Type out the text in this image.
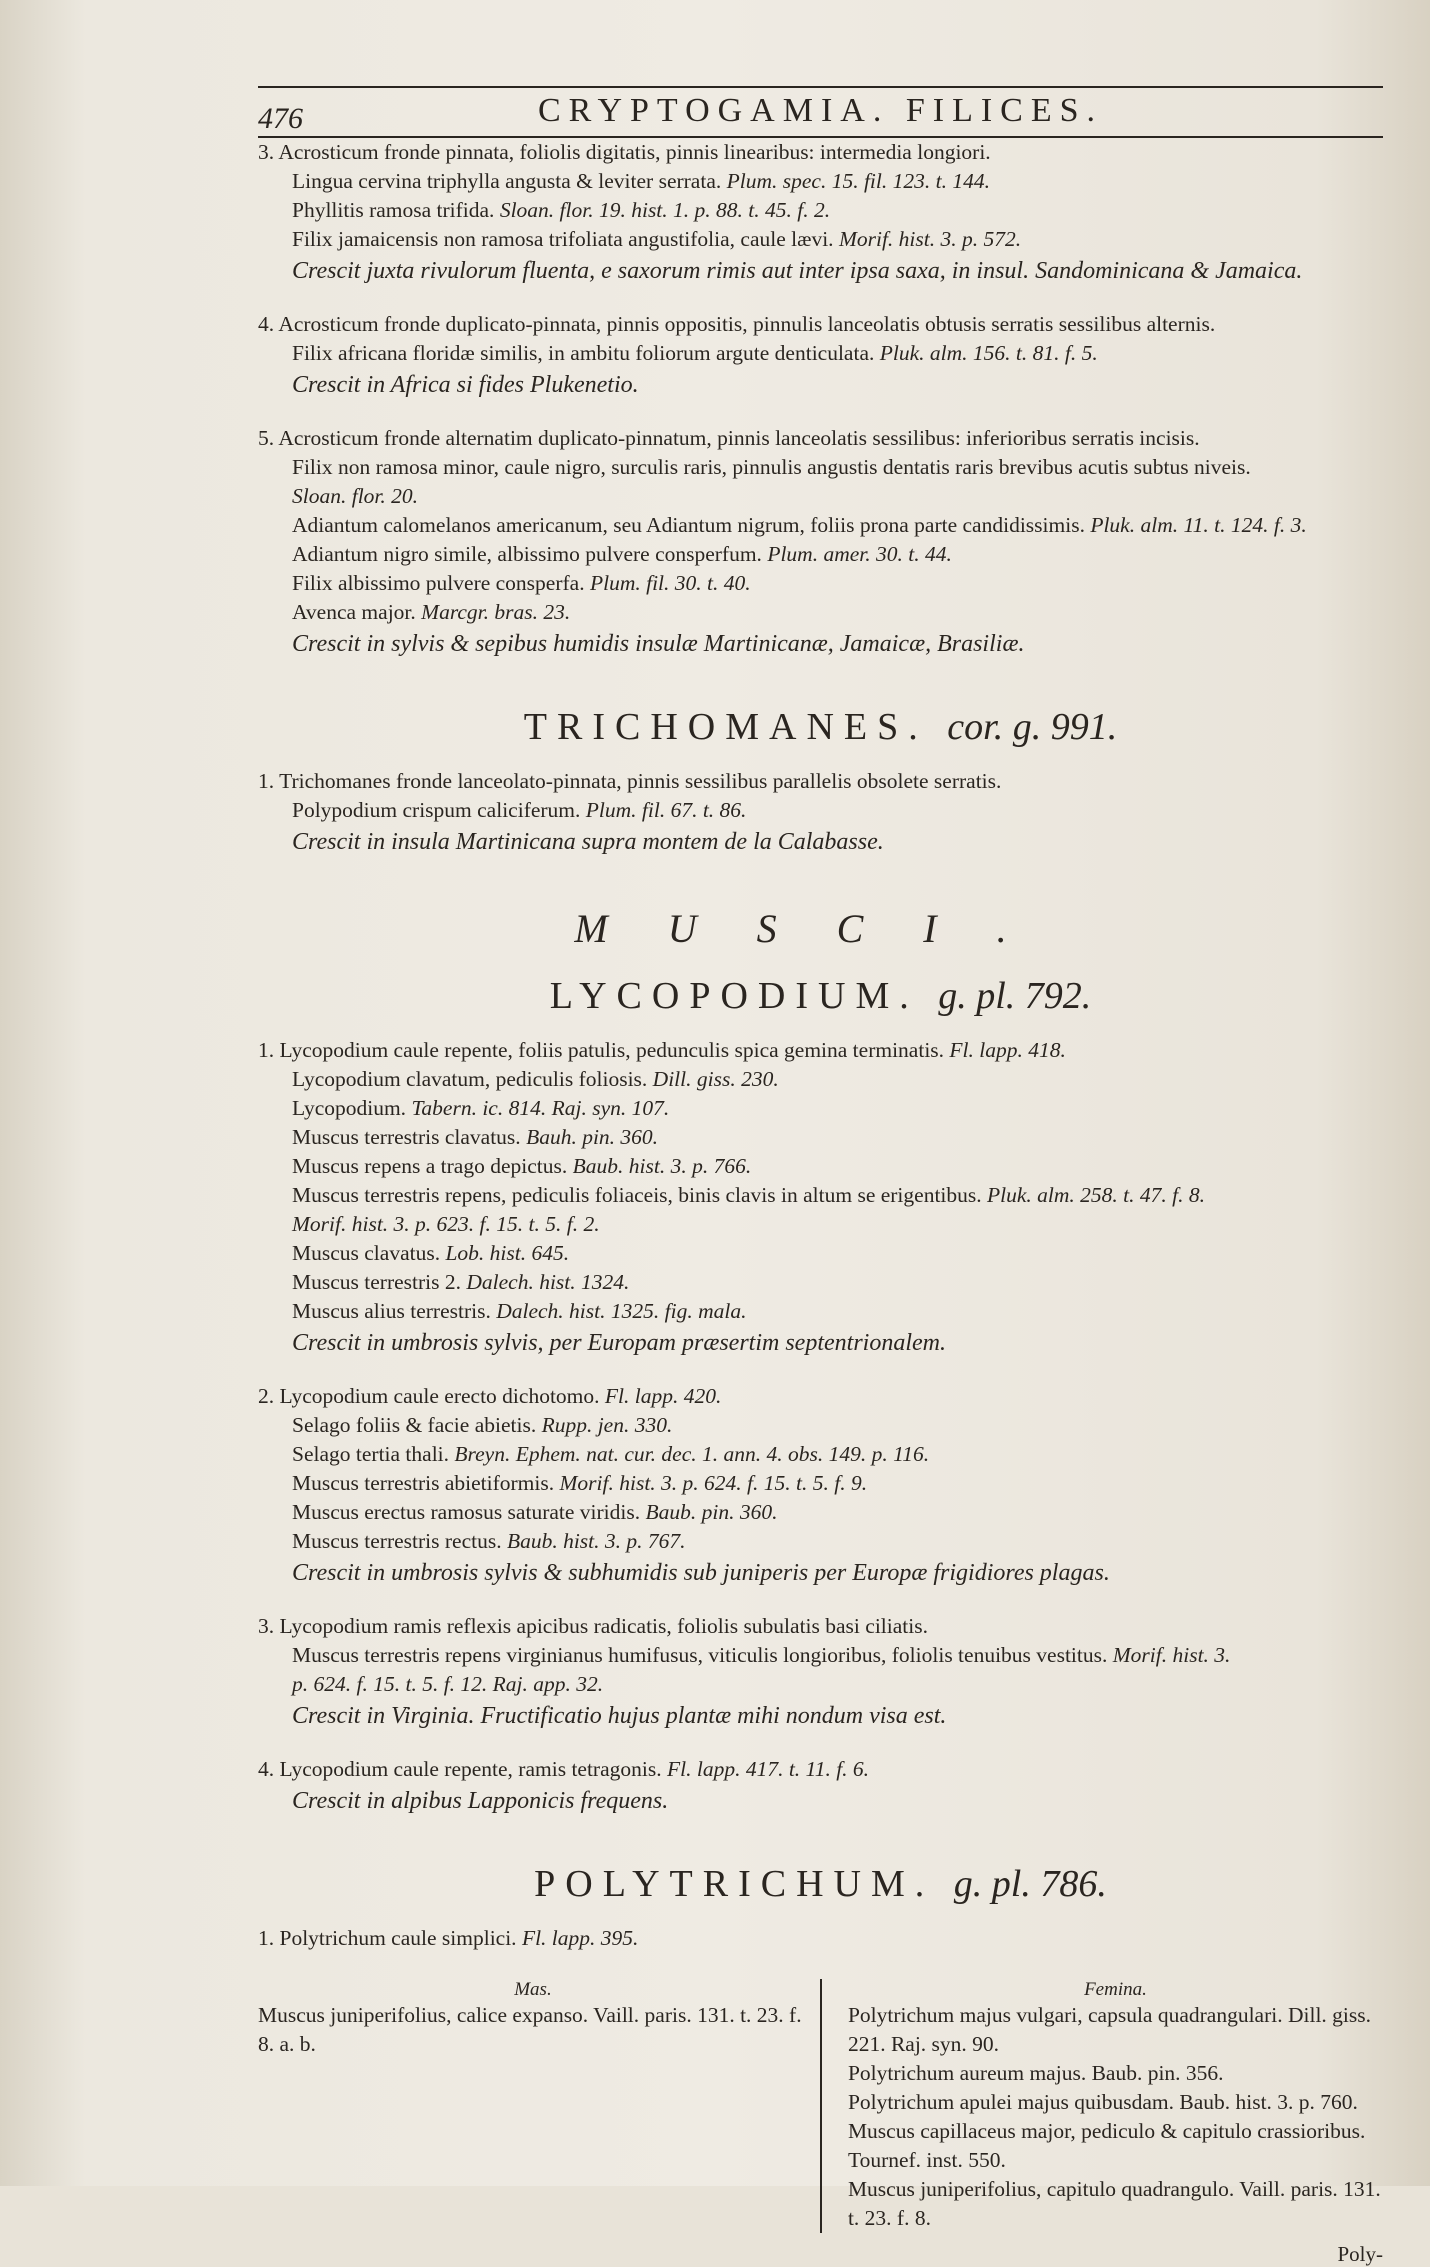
476	CRYPTOGAMIA. FILICES.
3. Acrosticum fronde pinnata, foliolis digitatis, pinnis linearibus: intermedia longiori.
Lingua cervina triphylla angusta & leviter serrata. Plum. spec. 15. fil. 123. t. 144.
Phyllitis ramosa trifida. Sloan. flor. 19. hist. 1. p. 88. t. 45. f. 2.
Filix jamaicensis non ramosa trifoliata angustifolia, caule lævi. Morif. hist. 3. p. 572.
Crescit juxta rivulorum fluenta, e saxorum rimis aut inter ipsa saxa, in insul. Sandominicana & Jamaica.
4. Acrosticum fronde duplicato-pinnata, pinnis oppositis, pinnulis lanceolatis obtusis serratis sessilibus alternis.
Filix africana floridæ similis, in ambitu foliorum argute denticulata. Pluk. alm. 156. t. 81. f. 5.
Crescit in Africa si fides Plukenetio.
5. Acrosticum fronde alternatim duplicato-pinnatum, pinnis lanceolatis sessilibus: inferioribus serratis incisis.
Filix non ramosa minor, caule nigro, surculis raris, pinnulis angustis dentatis raris brevibus acutis subtus niveis.
Sloan. flor. 20.
Adiantum calomelanos americanum, seu Adiantum nigrum, foliis prona parte candidissimis. Pluk. alm. 11. t. 124. f. 3.
Adiantum nigro simile, albissimo pulvere consperfum. Plum. amer. 30. t. 44.
Filix albissimo pulvere consperfa. Plum. fil. 30. t. 40.
Avenca major. Marcgr. bras. 23.
Crescit in sylvis & sepibus humidis insulæ Martinicanæ, Jamaicæ, Brasiliæ.
TRICHOMANES. cor. g. 991.
1. Trichomanes fronde lanceolato-pinnata, pinnis sessilibus parallelis obsolete serratis.
Polypodium crispum caliciferum. Plum. fil. 67. t. 86.
Crescit in insula Martinicana supra montem de la Calabasse.
MUSCI.
LYCOPODIUM. g. pl. 792.
1. Lycopodium caule repente, foliis patulis, pedunculis spica gemina terminatis. Fl. lapp. 418.
Lycopodium clavatum, pediculis foliosis. Dill. giss. 230.
Lycopodium. Tabern. ic. 814. Raj. syn. 107.
Muscus terrestris clavatus. Bauh. pin. 360.
Muscus repens a trago depictus. Baub. hist. 3. p. 766.
Muscus terrestris repens, pediculis foliaceis, binis clavis in altum se erigentibus. Pluk. alm. 258. t. 47. f. 8.
Morif. hist. 3. p. 623. f. 15. t. 5. f. 2.
Muscus clavatus. Lob. hist. 645.
Muscus terrestris 2. Dalech. hist. 1324.
Muscus alius terrestris. Dalech. hist. 1325. fig. mala.
Crescit in umbrosis sylvis, per Europam præsertim septentrionalem.
2. Lycopodium caule erecto dichotomo. Fl. lapp. 420.
Selago foliis & facie abietis. Rupp. jen. 330.
Selago tertia thali. Breyn. Ephem. nat. cur. dec. 1. ann. 4. obs. 149. p. 116.
Muscus terrestris abietiformis. Morif. hist. 3. p. 624. f. 15. t. 5. f. 9.
Muscus erectus ramosus saturate viridis. Baub. pin. 360.
Muscus terrestris rectus. Baub. hist. 3. p. 767.
Crescit in umbrosis sylvis & subhumidis sub juniperis per Europæ frigidiores plagas.
3. Lycopodium ramis reflexis apicibus radicatis, foliolis subulatis basi ciliatis.
Muscus terrestris repens virginianus humifusus, viticulis longioribus, foliolis tenuibus vestitus. Morif. hist. 3.
p. 624. f. 15. t. 5. f. 12. Raj. app. 32.
Crescit in Virginia. Fructificatio hujus plantæ mihi nondum visa est.
4. Lycopodium caule repente, ramis tetragonis. Fl. lapp. 417. t. 11. f. 6.
Crescit in alpibus Lapponicis frequens.
POLYTRICHUM. g. pl. 786.
1. Polytrichum caule simplici. Fl. lapp. 395.
Mas.
Muscus juniperifolius, calice expanso. Vaill. paris. 131. t. 23. f. 8. a. b.
Femina.
Polytrichum majus vulgari, capsula quadrangulari. Dill. giss. 221. Raj. syn. 90.
Polytrichum aureum majus. Baub. pin. 356.
Polytrichum apulei majus quibusdam. Baub. hist. 3. p. 760.
Muscus capillaceus major, pediculo & capitulo crassioribus. Tournef. inst. 550.
Muscus juniperifolius, capitulo quadrangulo. Vaill. paris. 131. t. 23. f. 8.
Poly-
